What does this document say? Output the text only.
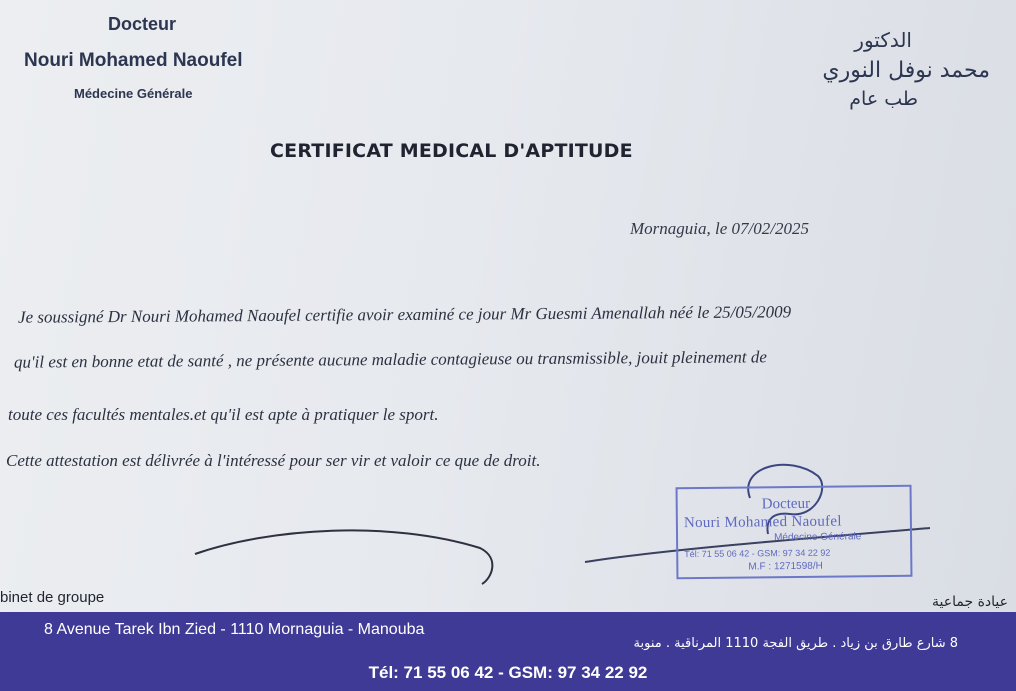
Docteur
Nouri Mohamed Naoufel
Médecine Générale
الدكتور
محمد نوفل النوري
طب عام
CERTIFICAT MEDICAL D'APTITUDE
Mornaguia, le 07/02/2025
Je soussigné Dr Nouri Mohamed Naoufel certifie avoir examiné ce jour Mr Guesmi Amenallah néé le 25/05/2009
qu'il est en bonne etat de santé , ne présente aucune maladie contagieuse ou transmissible, jouit pleinement de
toute ces facultés mentales.et qu'il est apte à pratiquer le sport.
Cette attestation est délivrée à l'intéressé pour ser vir et valoir ce que de droit.
Docteur
Nouri Mohamed Naoufel
Médecine Générale
Tél: 71 55 06 42 - GSM: 97 34 22 92
M.F : 1271598/H
binet de groupe	عيادة جماعية
8 Avenue Tarek Ibn Zied - 1110 Mornaguia - Manouba
8 شارع طارق بن زياد . طريق الفجة 1110 المرناقية . منوبة
Tél: 71 55 06 42 - GSM: 97 34 22 92
